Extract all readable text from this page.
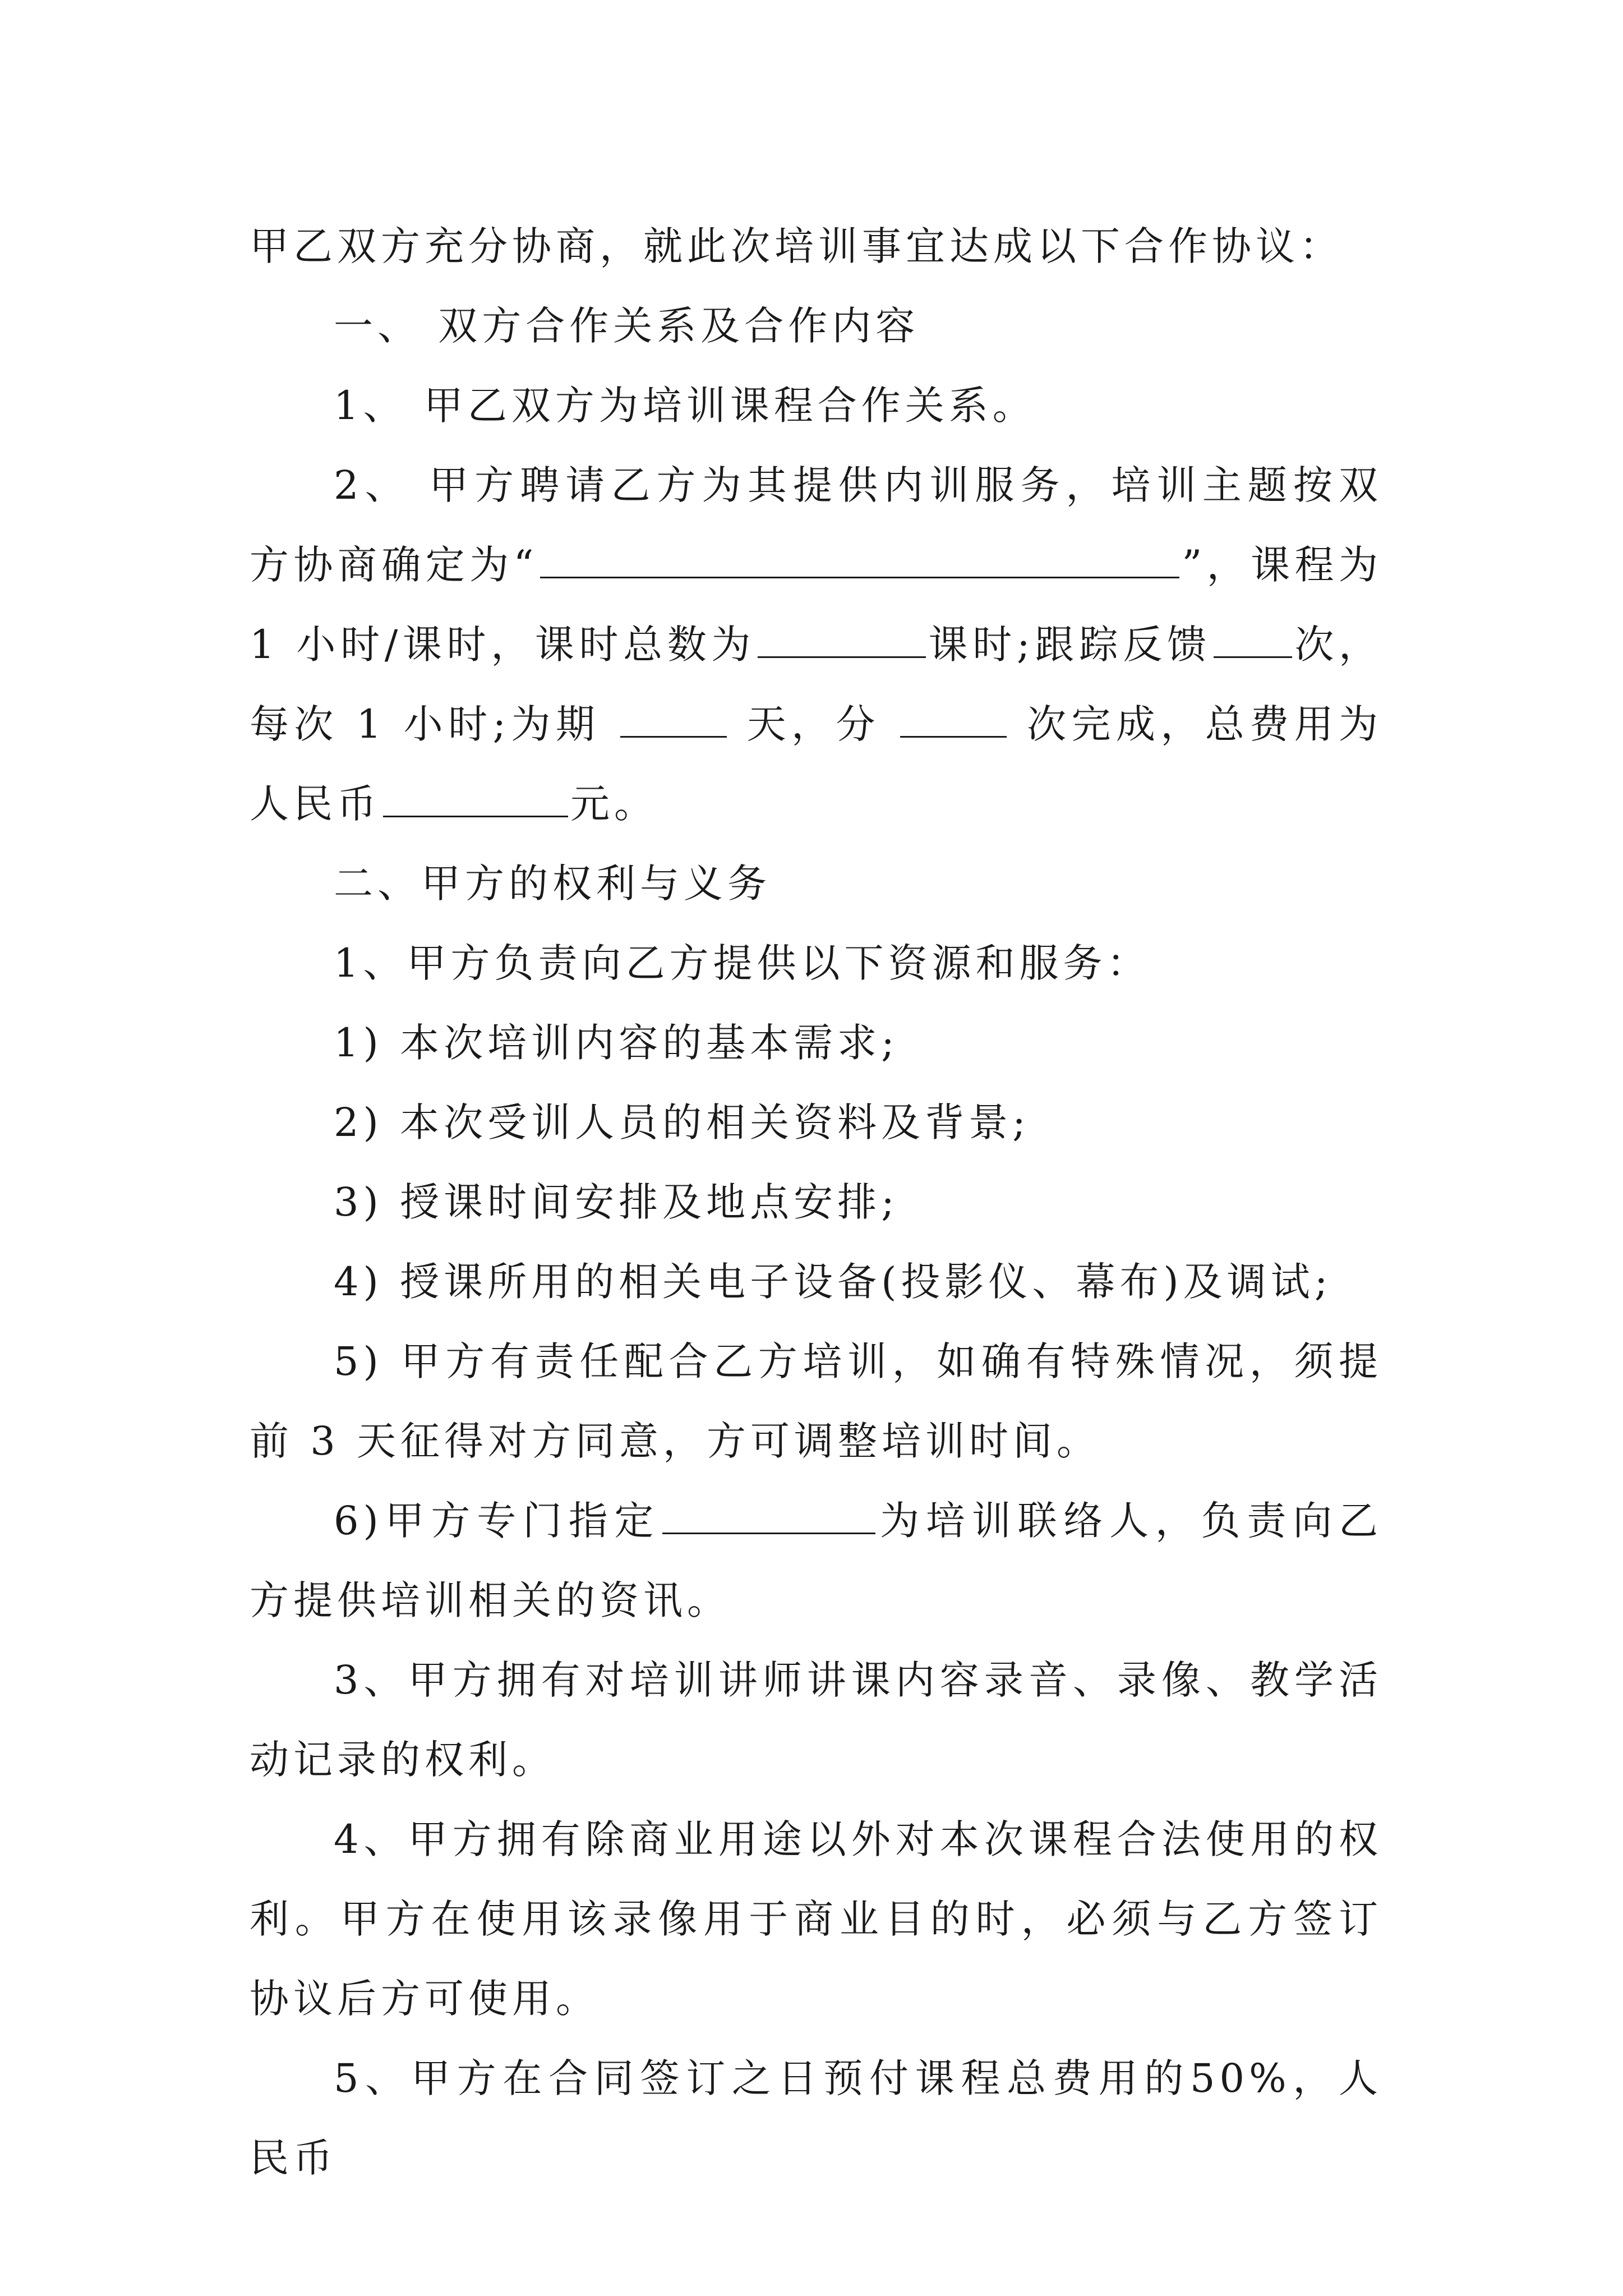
甲乙双方充分协商，就此次培训事宜达成以下合作协议：

一、 双方合作关系及合作内容

1、 甲乙双方为培训课程合作关系。

2、 甲方聘请乙方为其提供内训服务，培训主题按双方协商确定为“	”，课程为 1 小时/课时，课时总数为	课时;跟踪反馈 次，每次 1 小时;为期	天，分	次完成，总费用为人民币	元。

二、甲方的权利与义务

1、甲方负责向乙方提供以下资源和服务：

1) 本次培训内容的基本需求;

2) 本次受训人员的相关资料及背景;

3) 授课时间安排及地点安排;

4) 授课所用的相关电子设备(投影仪、幕布)及调试;

5) 甲方有责任配合乙方培训，如确有特殊情况，须提前 3 天征得对方同意，方可调整培训时间。

6)甲方专门指定	为培训联络人，负责向乙方提供培训相关的资讯。

3、甲方拥有对培训讲师讲课内容录音、录像、教学活动记录的权利。

4、甲方拥有除商业用途以外对本次课程合法使用的权利。甲方在使用该录像用于商业目的时，必须与乙方签订协议后方可使用。

5、甲方在合同签订之日预付课程总费用的50%，人民币
